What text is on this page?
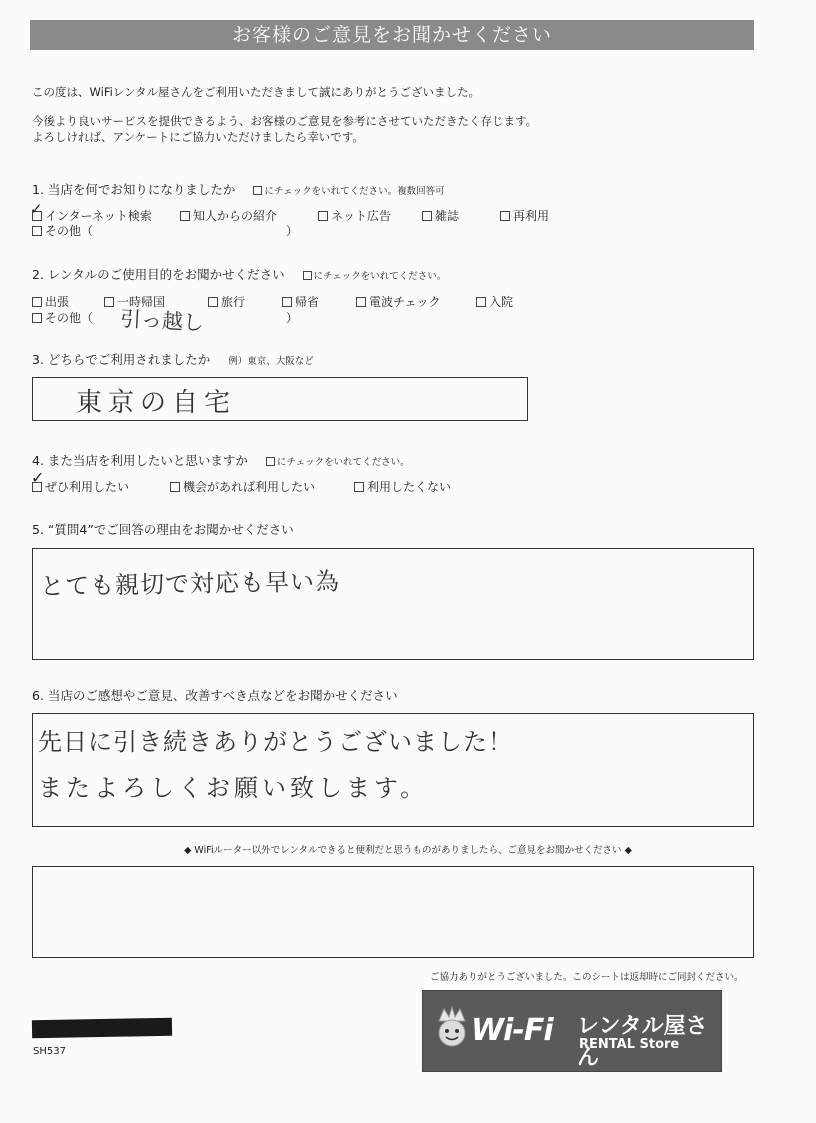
お客様のご意見をお聞かせください
この度は、WiFiレンタル屋さんをご利用いただきまして誠にありがとうございました。
今後より良いサービスを提供できるよう、お客様のご意見を参考にさせていただきたく存じます。
よろしければ、アンケートにご協力いただけましたら幸いです。
1. 当店を何でお知りになりましたか	にチェックをいれてください。複数回答可
インターネット検索
✓	知人からの紹介	ネット広告	雑誌	再利用
その他（	）
2. レンタルのご使用目的をお聞かせください	にチェックをいれてください。
出張	一時帰国	旅行	帰省	電波チェック	入院
その他（ 引っ越し	）
3. どちらでご利用されましたか 例）東京、大阪など
東京の自宅
4. また当店を利用したいと思いますか	にチェックをいれてください。
ぜひ利用したい
✓	機会があれば利用したい	利用したくない
5. “質問4”でご回答の理由をお聞かせください
とても親切で対応も早い為
6. 当店のご感想やご意見、改善すべき点などをお聞かせください
先日に引き続きありがとうございました！
またよろしくお願い致します。
◆ WiFiルーター以外でレンタルできると便利だと思うものがありましたら、ご意見をお聞かせください ◆
ご協力ありがとうございました。このシートは返却時にご同封ください。
SH537
Wi-Fi レンタル屋さん
RENTAL Store
